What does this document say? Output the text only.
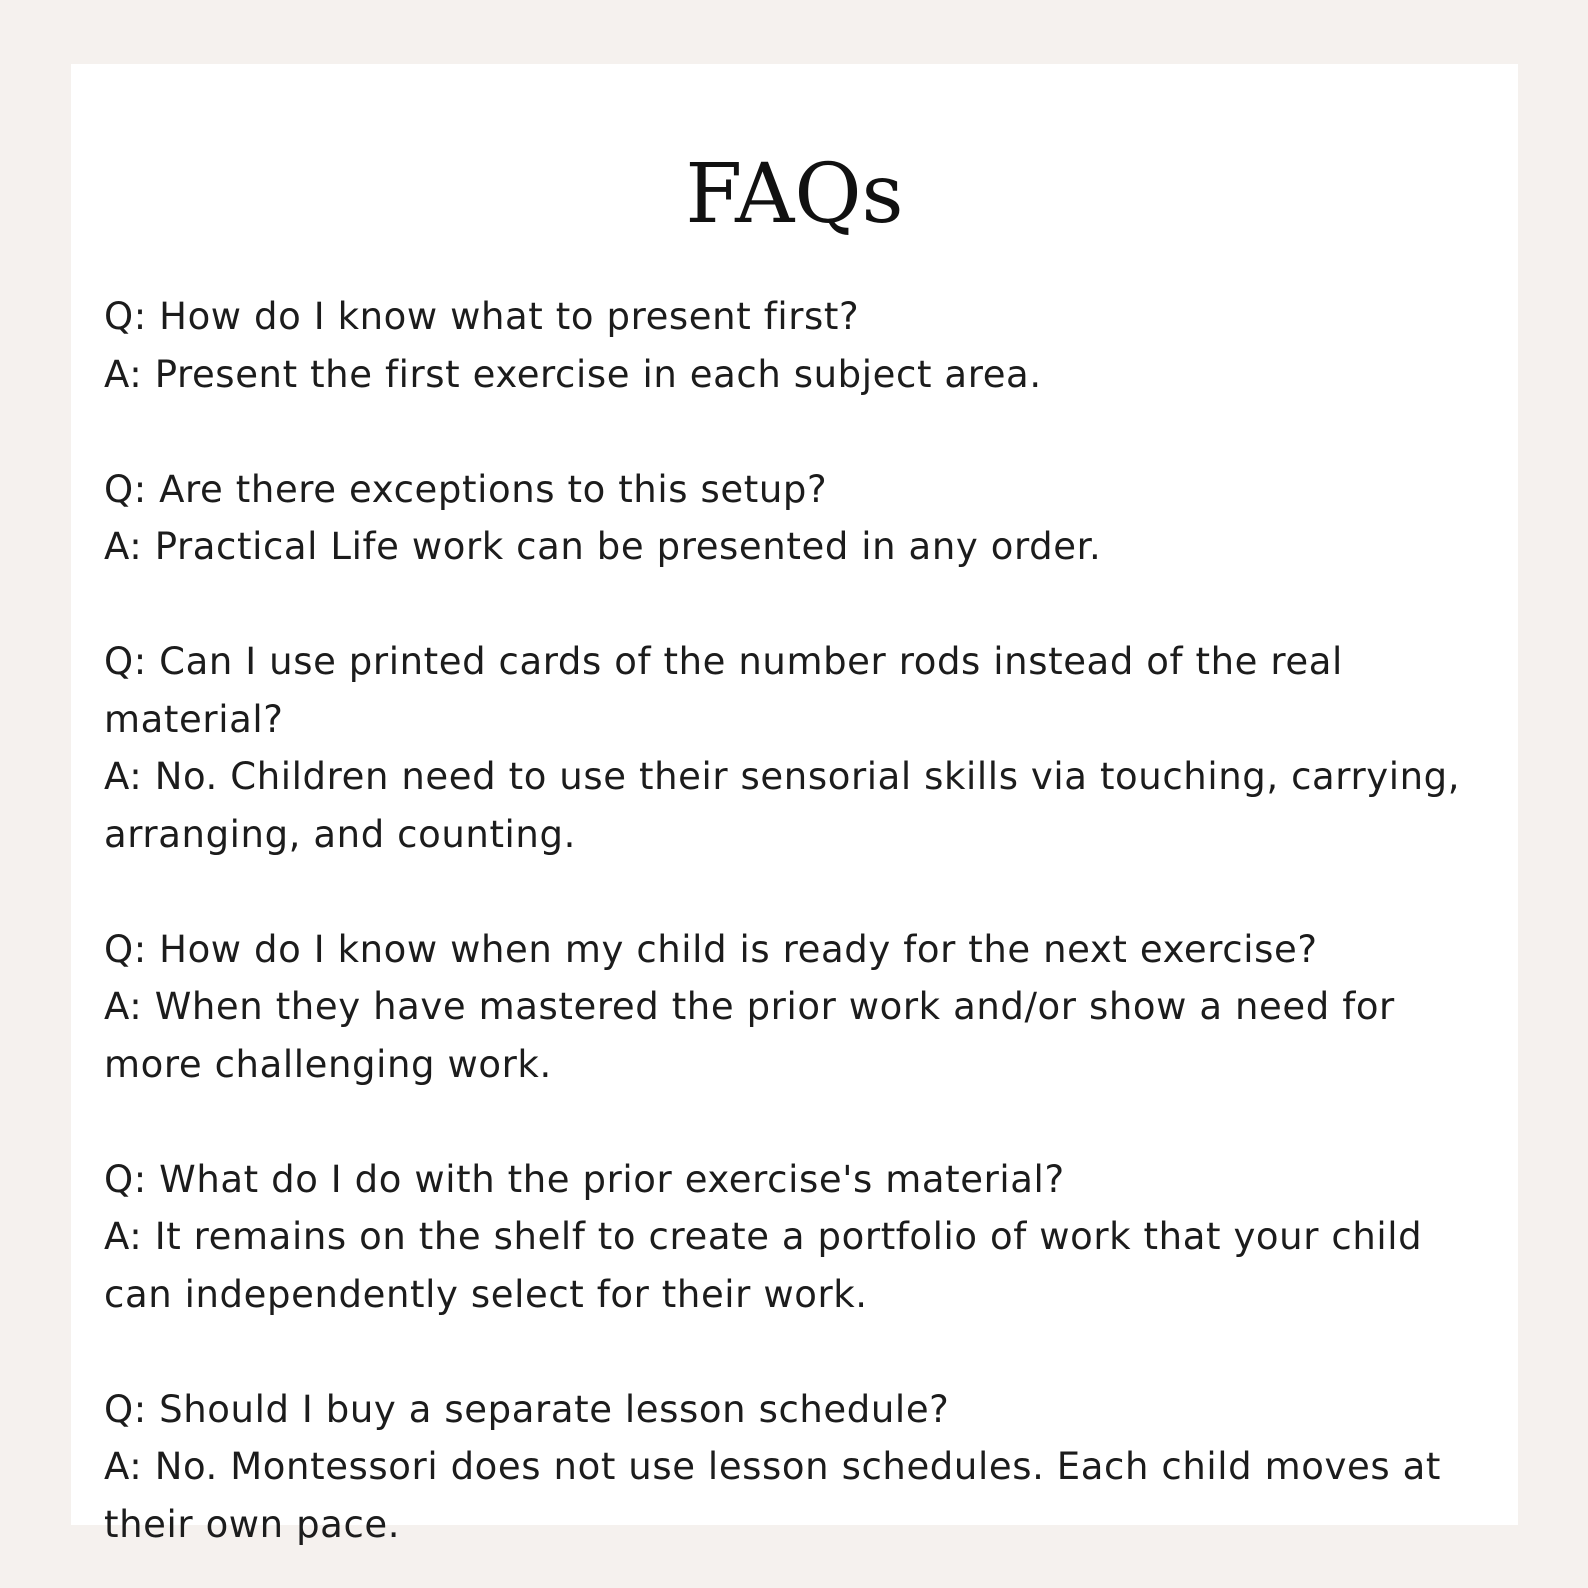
FAQs

Q: How do I know what to present first?

A: Present the first exercise in each subject area.

Q: Are there exceptions to this setup?

A: Practical Life work can be presented in any order.

Q: Can I use printed cards of the number rods instead of the real material?

A: No. Children need to use their sensorial skills via touching, carrying, arranging, and counting.

Q: How do I know when my child is ready for the next exercise?

A: When they have mastered the prior work and/or show a need for more challenging work.

Q: What do I do with the prior exercise's material?

A: It remains on the shelf to create a portfolio of work that your child can independently select for their work.

Q: Should I buy a separate lesson schedule?

A: No. Montessori does not use lesson schedules. Each child moves at their own pace.
